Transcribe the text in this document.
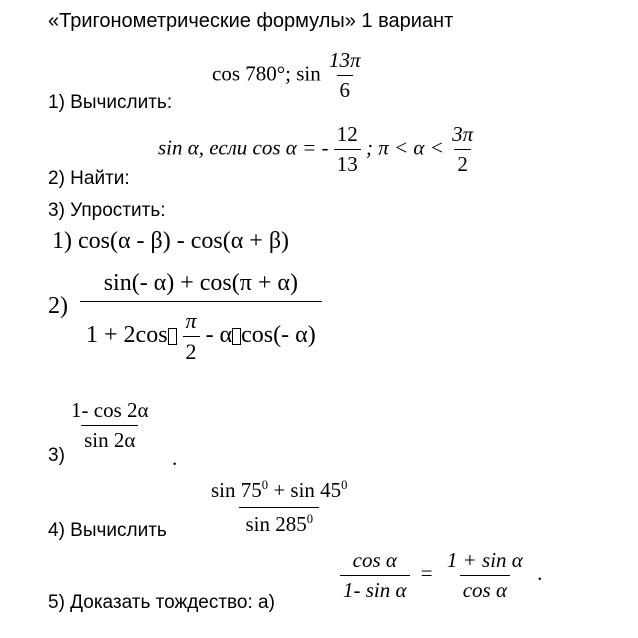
«Тригонометрические формулы» 1 вариант
cos 780°; $\sin \frac{13\pi}{6}$
1) Вычислить:
sin α, если cos α = - $\frac{12}{13}$ ; $\pi < \alpha < \frac{3\pi}{2}$
2) Найти:
3) Упростить:
1) cos(α - β) - cos(α + β)
$2) \frac{\sin(- \alpha) + \cos(\pi + \alpha)}{1 + 2\cos \frac{\pi}{2} - \alpha \cos(- \alpha)}$
$\frac{1- \cos 2\alpha}{\sin 2\alpha}$
3)	.
$\frac{\sin 75^0 + \sin 45^0}{\sin 285^0}$
4) Вычислить
$\frac{\text{cos α}}{\text{1- sin α}} = \frac{\text{1 + sin α}}{\text{cos α}}$ .
5) Доказать тождество: а)
